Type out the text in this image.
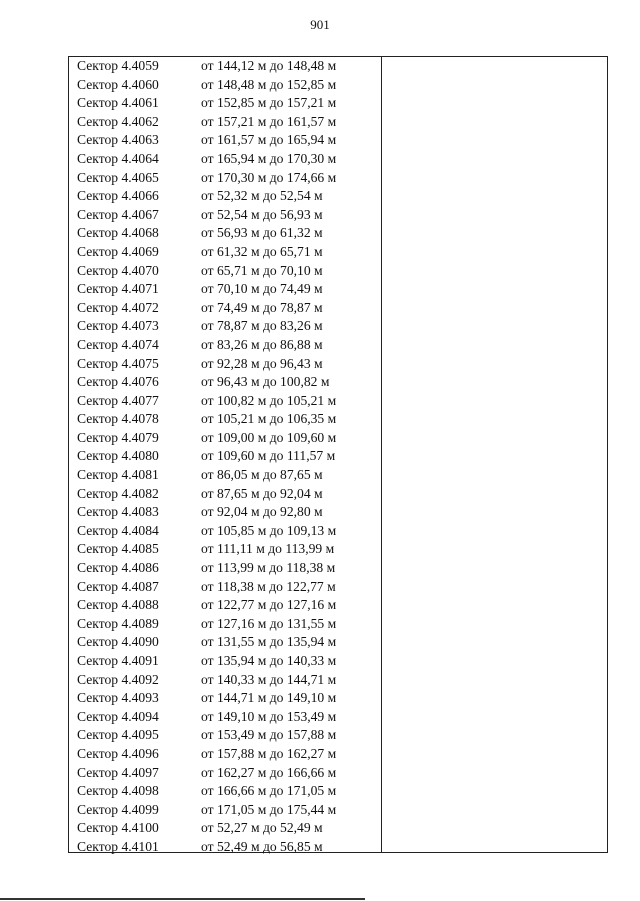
901
Сектор 4.4059	от 144,12 м до 148,48 м
Сектор 4.4060	от 148,48 м до 152,85 м
Сектор 4.4061	от 152,85 м до 157,21 м
Сектор 4.4062	от 157,21 м до 161,57 м
Сектор 4.4063	от 161,57 м до 165,94 м
Сектор 4.4064	от 165,94 м до 170,30 м
Сектор 4.4065	от 170,30 м до 174,66 м
Сектор 4.4066	от 52,32 м до 52,54 м
Сектор 4.4067	от 52,54 м до 56,93 м
Сектор 4.4068	от 56,93 м до 61,32 м
Сектор 4.4069	от 61,32 м до 65,71 м
Сектор 4.4070	от 65,71 м до 70,10 м
Сектор 4.4071	от 70,10 м до 74,49 м
Сектор 4.4072	от 74,49 м до 78,87 м
Сектор 4.4073	от 78,87 м до 83,26 м
Сектор 4.4074	от 83,26 м до 86,88 м
Сектор 4.4075	от 92,28 м до 96,43 м
Сектор 4.4076	от 96,43 м до 100,82 м
Сектор 4.4077	от 100,82 м до 105,21 м
Сектор 4.4078	от 105,21 м до 106,35 м
Сектор 4.4079	от 109,00 м до 109,60 м
Сектор 4.4080	от 109,60 м до 111,57 м
Сектор 4.4081	от 86,05 м до 87,65 м
Сектор 4.4082	от 87,65 м до 92,04 м
Сектор 4.4083	от 92,04 м до 92,80 м
Сектор 4.4084	от 105,85 м до 109,13 м
Сектор 4.4085	от 111,11 м до 113,99 м
Сектор 4.4086	от 113,99 м до 118,38 м
Сектор 4.4087	от 118,38 м до 122,77 м
Сектор 4.4088	от 122,77 м до 127,16 м
Сектор 4.4089	от 127,16 м до 131,55 м
Сектор 4.4090	от 131,55 м до 135,94 м
Сектор 4.4091	от 135,94 м до 140,33 м
Сектор 4.4092	от 140,33 м до 144,71 м
Сектор 4.4093	от 144,71 м до 149,10 м
Сектор 4.4094	от 149,10 м до 153,49 м
Сектор 4.4095	от 153,49 м до 157,88 м
Сектор 4.4096	от 157,88 м до 162,27 м
Сектор 4.4097	от 162,27 м до 166,66 м
Сектор 4.4098	от 166,66 м до 171,05 м
Сектор 4.4099	от 171,05 м до 175,44 м
Сектор 4.4100	от 52,27 м до 52,49 м
Сектор 4.4101	от 52,49 м до 56,85 м
